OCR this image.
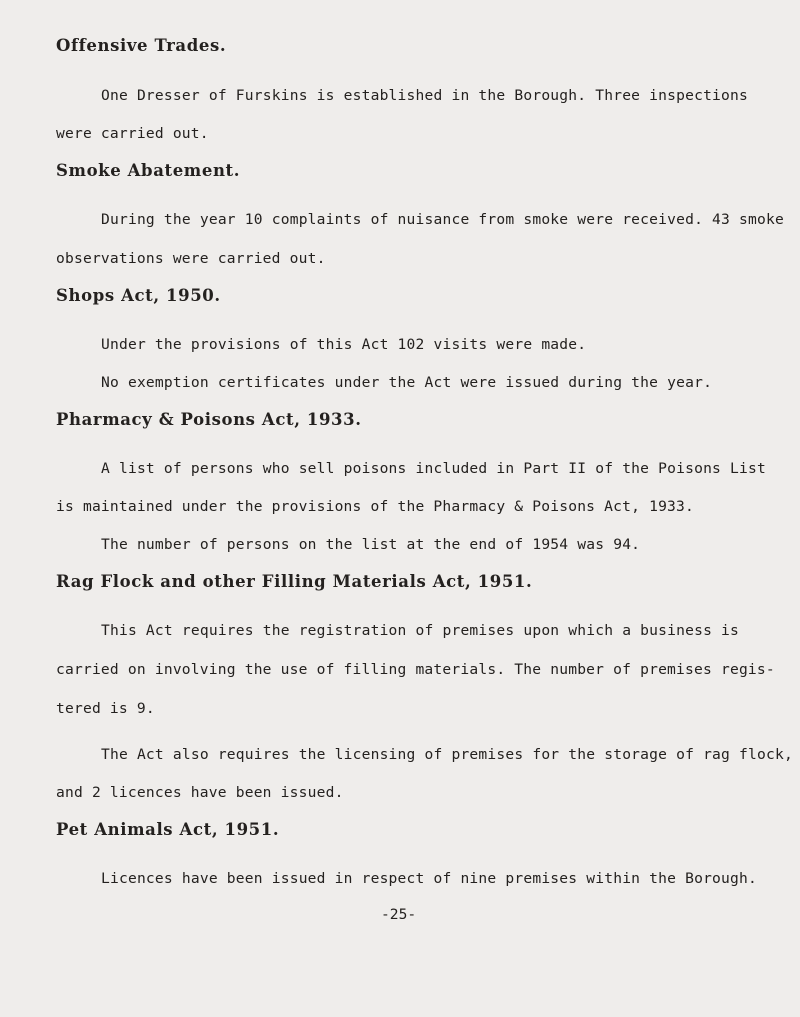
Offensive Trades.
One Dresser of Furskins is established in the Borough. Three inspections
were carried out.
Smoke Abatement.
During the year 10 complaints of nuisance from smoke were received. 43 smoke
observations were carried out.
Shops Act, 1950.
Under the provisions of this Act 102 visits were made.
No exemption certificates under the Act were issued during the year.
Pharmacy & Poisons Act, 1933.
A list of persons who sell poisons included in Part II of the Poisons List
is maintained under the provisions of the Pharmacy & Poisons Act, 1933.
The number of persons on the list at the end of 1954 was 94.
Rag Flock and other Filling Materials Act, 1951.
This Act requires the registration of premises upon which a business is
carried on involving the use of filling materials. The number of premises regis-
tered is 9.
The Act also requires the licensing of premises for the storage of rag flock,
and 2 licences have been issued.
Pet Animals Act, 1951.
Licences have been issued in respect of nine premises within the Borough.
-25-
